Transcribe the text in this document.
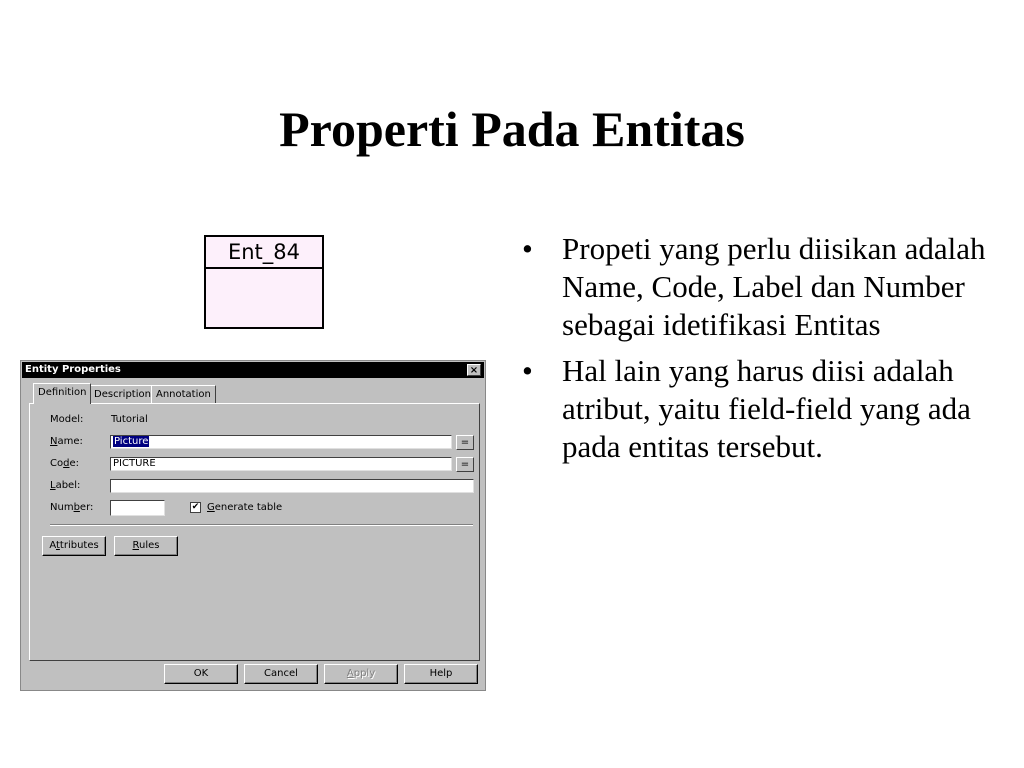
Properti Pada Entitas
Ent_84
Entity Properties	×
Definition Description Annotation
Model:	Tutorial
Name:	Picture	=
Code:	PICTURE	=
Label:
Number:	✔ Generate table
Attributes	Rules
OK	Cancel	Apply	Help
• Propeti yang perlu diisikan adalah Name, Code, Label dan Number sebagai idetifikasi Entitas
• Hal lain yang harus diisi adalah atribut, yaitu field-field yang ada pada entitas tersebut.
